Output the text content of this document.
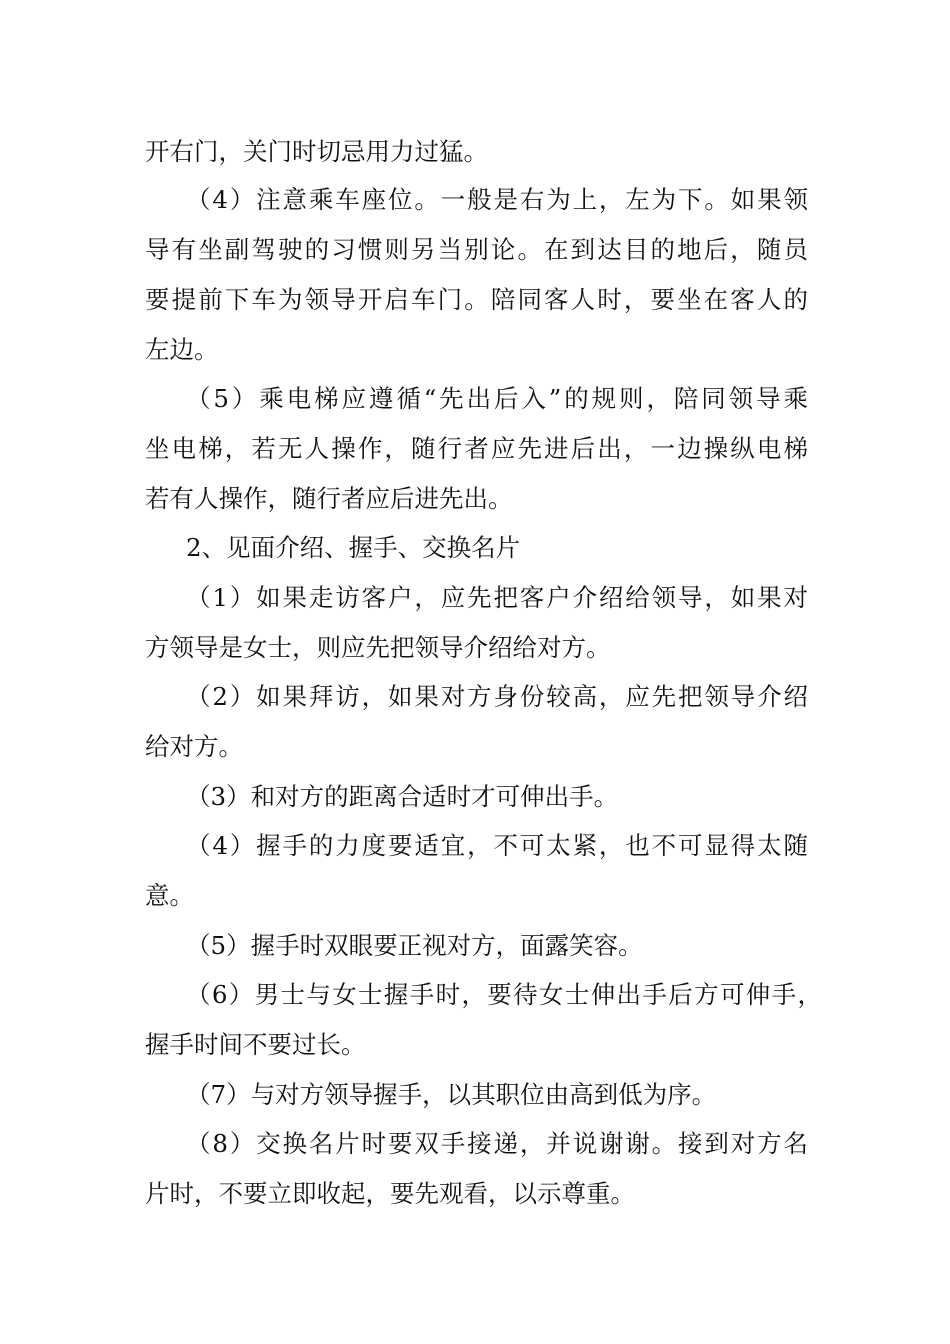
开右门，关门时切忌用力过猛。

（4）注意乘车座位。一般是右为上，左为下。如果领

导有坐副驾驶的习惯则另当别论。在到达目的地后，随员

要提前下车为领导开启车门。陪同客人时，要坐在客人的

左边。

（5）乘电梯应遵循“先出后入”的规则，陪同领导乘

坐电梯，若无人操作，随行者应先进后出，一边操纵电梯

若有人操作，随行者应后进先出。

2、见面介绍、握手、交换名片

（1）如果走访客户，应先把客户介绍给领导，如果对

方领导是女士，则应先把领导介绍给对方。

（2）如果拜访，如果对方身份较高，应先把领导介绍

给对方。

（3）和对方的距离合适时才可伸出手。

（4）握手的力度要适宜，不可太紧，也不可显得太随

意。

（5）握手时双眼要正视对方，面露笑容。

（6）男士与女士握手时，要待女士伸出手后方可伸手，

握手时间不要过长。

（7）与对方领导握手，以其职位由高到低为序。

（8）交换名片时要双手接递，并说谢谢。接到对方名

片时，不要立即收起，要先观看，以示尊重。
